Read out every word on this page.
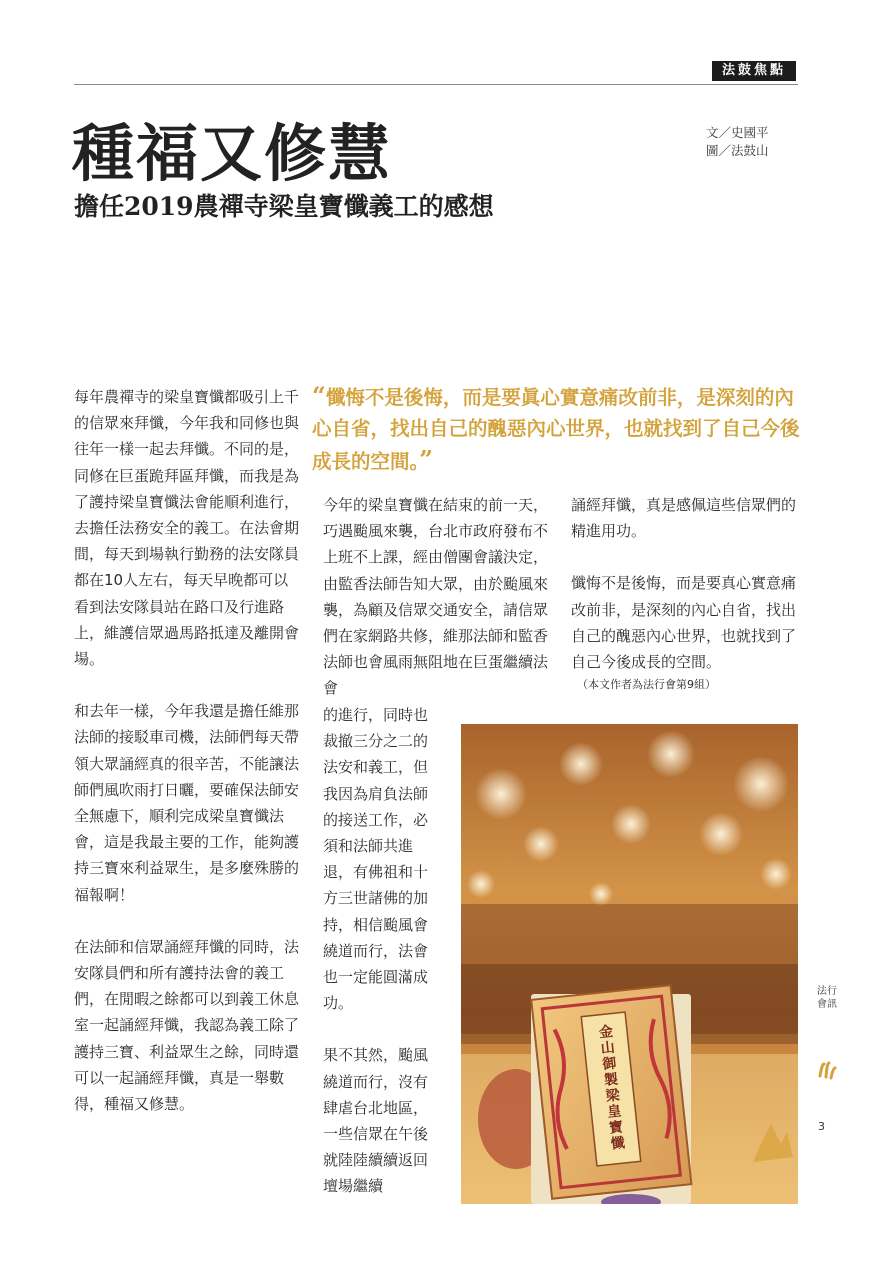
法鼓焦點
種福又修慧
擔任2019農禪寺梁皇寶懺義工的感想
文／史國平
圖／法鼓山

每年農禪寺的梁皇寶懺都吸引上千的信眾來拜懺，今年我和同修也與往年一樣一起去拜懺。不同的是，同修在巨蛋跪拜區拜懺，而我是為了護持梁皇寶懺法會能順利進行，去擔任法務安全的義工。在法會期間，每天到場執行勤務的法安隊員都在10人左右，每天早晚都可以看到法安隊員站在路口及行進路上，維護信眾過馬路抵達及離開會場。

和去年一樣，今年我還是擔任維那法師的接駁車司機，法師們每天帶領大眾誦經真的很辛苦，不能讓法師們風吹雨打日曬，要確保法師安全無慮下，順利完成梁皇寶懺法會，這是我最主要的工作，能夠護持三寶來利益眾生，是多麼殊勝的福報啊！

在法師和信眾誦經拜懺的同時，法安隊員們和所有護持法會的義工們，在閒暇之餘都可以到義工休息室一起誦經拜懺，我認為義工除了護持三寶、利益眾生之餘，同時還可以一起誦經拜懺，真是一舉數得，種福又修慧。

“懺悔不是後悔，而是要眞心實意痛改前非，是深刻的內心自省，找出自己的醜惡內心世界，也就找到了自己今後成長的空間。”

今年的梁皇寶懺在結束的前一天，巧遇颱風來襲，台北市政府發布不上班不上課，經由僧團會議決定，由監香法師告知大眾，由於颱風來襲，為顧及信眾交通安全，請信眾們在家網路共修，維那法師和監香法師也會風雨無阻地在巨蛋繼續法會

的進行，同時也裁撤三分之二的法安和義工，但我因為肩負法師的接送工作，必須和法師共進退，有佛祖和十方三世諸佛的加持，相信颱風會繞道而行，法會也一定能圓滿成功。

果不其然，颱風繞道而行，沒有肆虐台北地區，一些信眾在午後就陸陸續續返回壇場繼續

誦經拜懺，真是感佩這些信眾們的精進用功。

懺悔不是後悔，而是要真心實意痛改前非，是深刻的內心自省，找出自己的醜惡內心世界，也就找到了自己今後成長的空間。

（本文作者為法行會第9組）
金山御製梁皇寶懺
法行會訊
3
